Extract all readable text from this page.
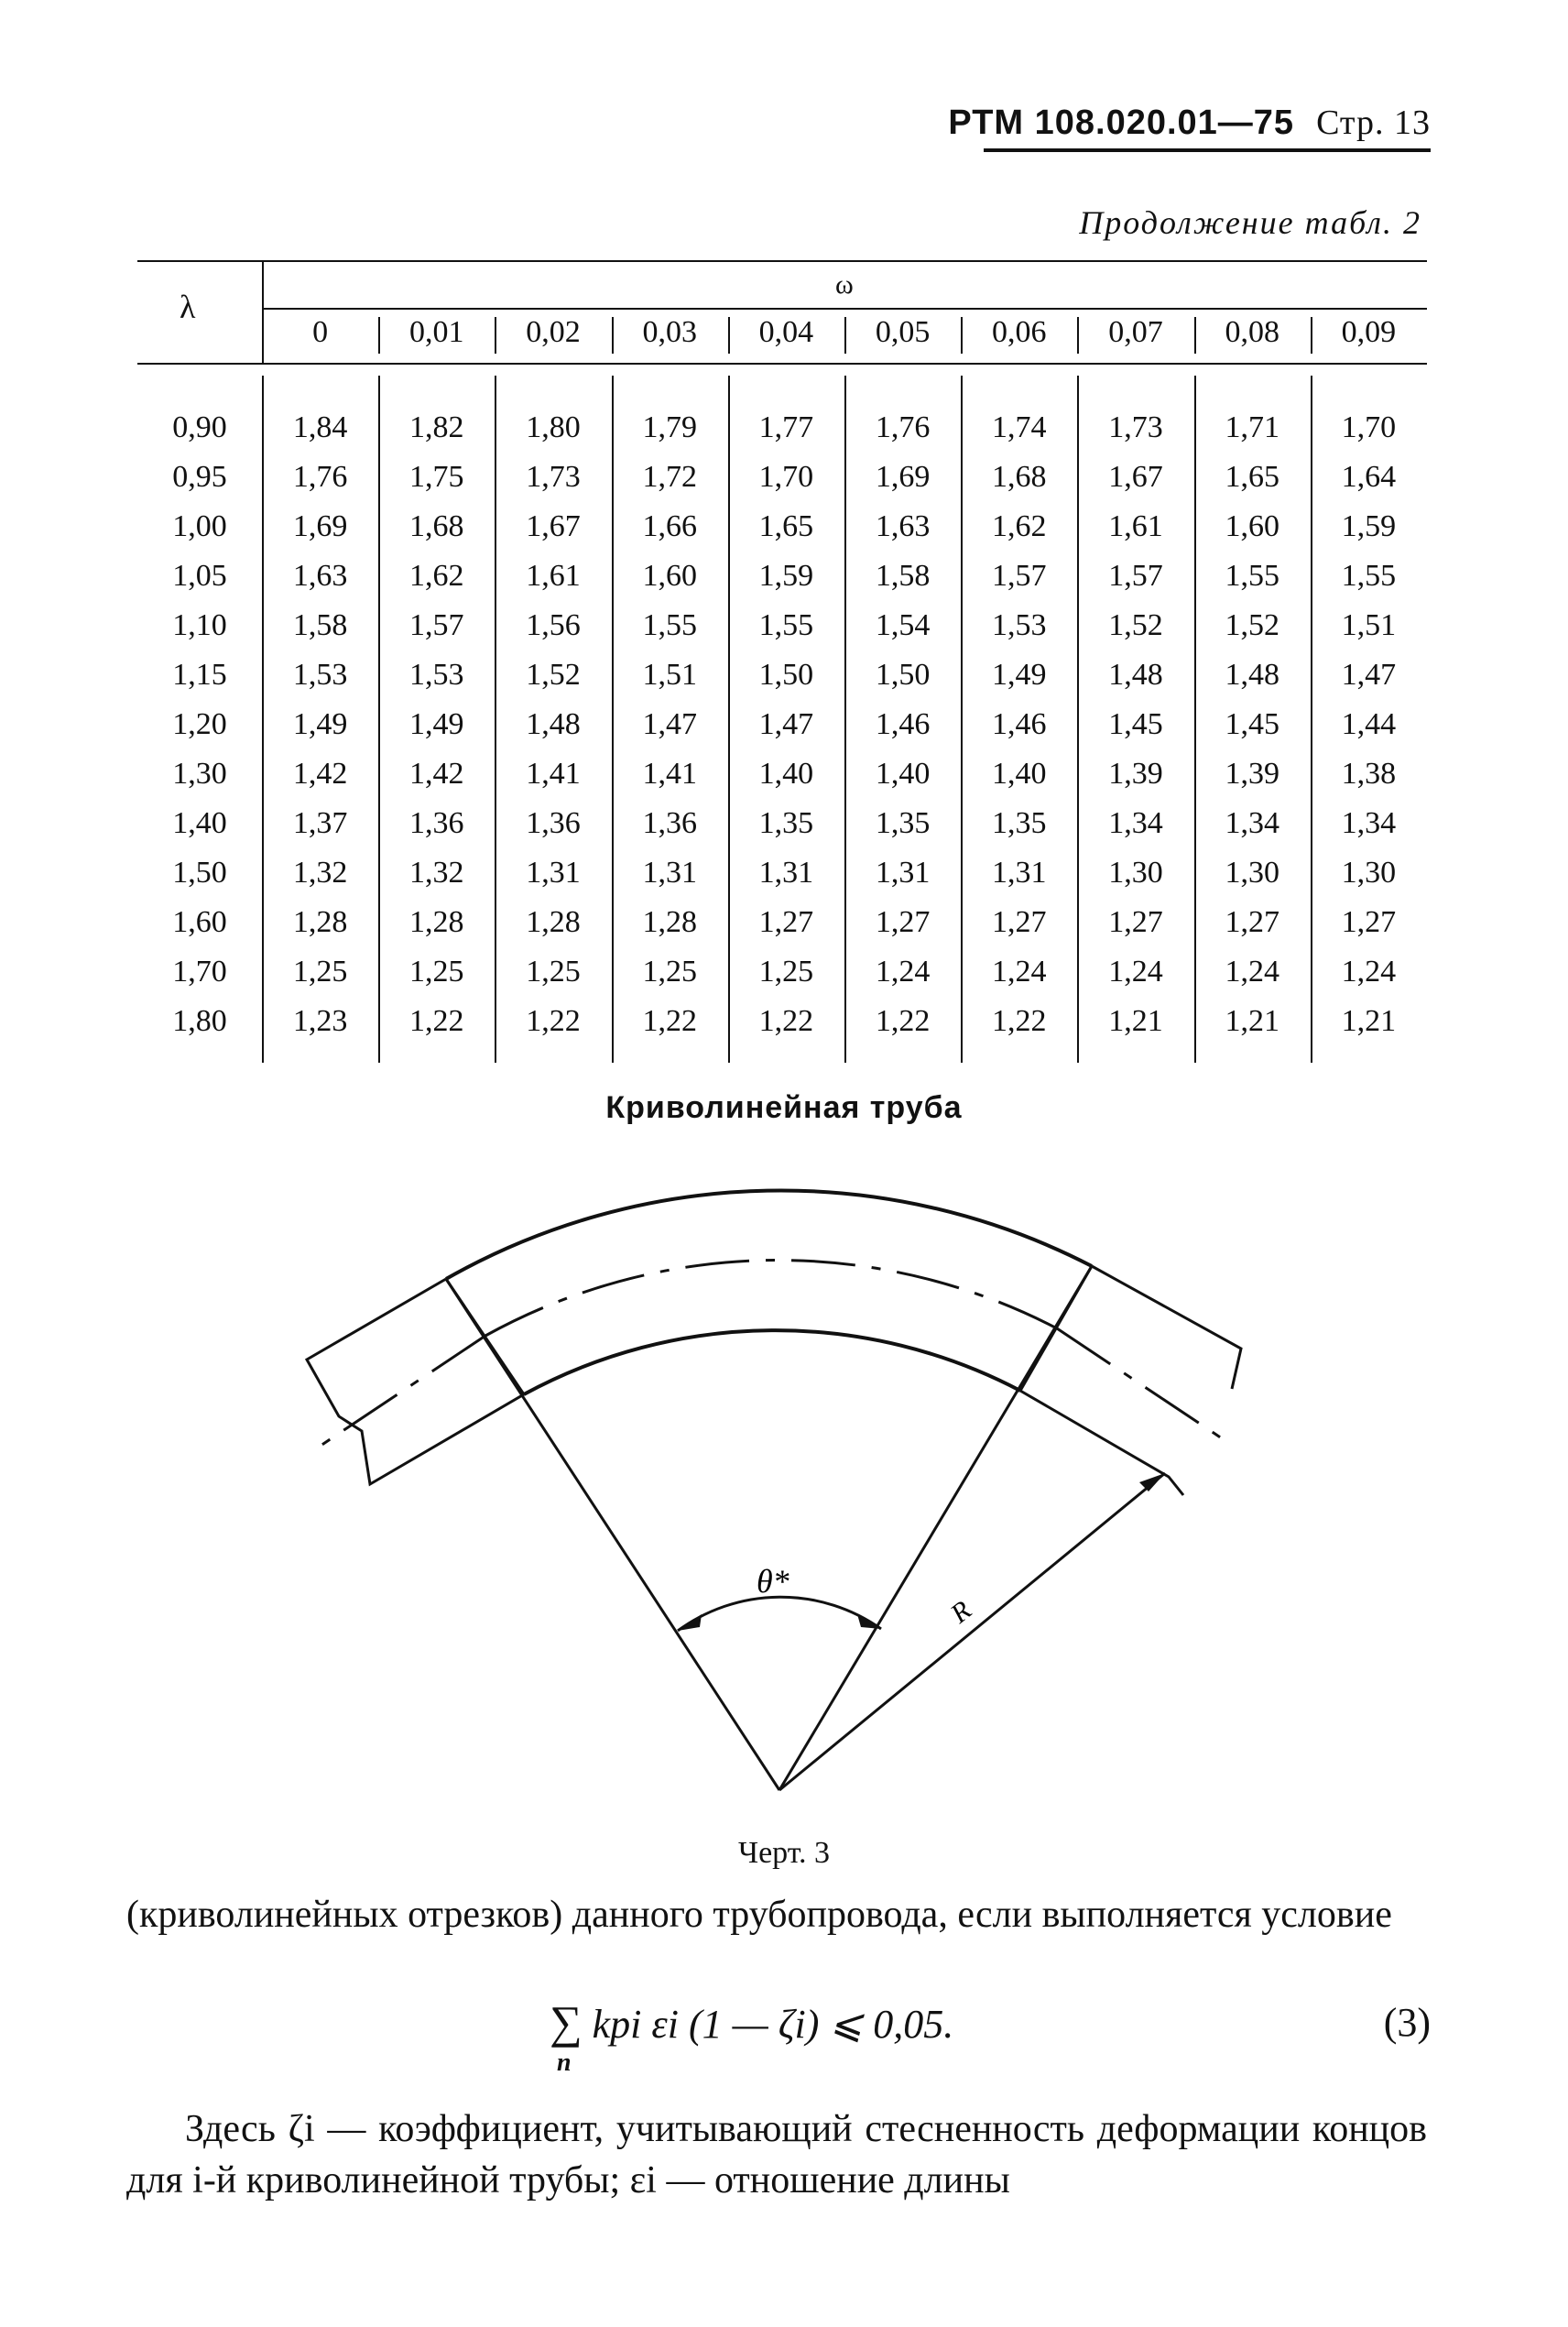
РТМ 108.020.01—75 Стр. 13
Продолжение табл. 2
λ
ω
0	0,01	0,02	0,03	0,04	0,05	0,06	0,07	0,08	0,09
0,90	1,84	1,82	1,80	1,79	1,77	1,76	1,74	1,73	1,71	1,70
0,95	1,76	1,75	1,73	1,72	1,70	1,69	1,68	1,67	1,65	1,64
1,00	1,69	1,68	1,67	1,66	1,65	1,63	1,62	1,61	1,60	1,59
1,05	1,63	1,62	1,61	1,60	1,59	1,58	1,57	1,57	1,55	1,55
1,10	1,58	1,57	1,56	1,55	1,55	1,54	1,53	1,52	1,52	1,51
1,15	1,53	1,53	1,52	1,51	1,50	1,50	1,49	1,48	1,48	1,47
1,20	1,49	1,49	1,48	1,47	1,47	1,46	1,46	1,45	1,45	1,44
1,30	1,42	1,42	1,41	1,41	1,40	1,40	1,40	1,39	1,39	1,38
1,40	1,37	1,36	1,36	1,36	1,35	1,35	1,35	1,34	1,34	1,34
1,50	1,32	1,32	1,31	1,31	1,31	1,31	1,31	1,30	1,30	1,30
1,60	1,28	1,28	1,28	1,28	1,27	1,27	1,27	1,27	1,27	1,27
1,70	1,25	1,25	1,25	1,25	1,25	1,24	1,24	1,24	1,24	1,24
1,80	1,23	1,22	1,22	1,22	1,22	1,22	1,22	1,21	1,21	1,21
Криволинейная труба
θ*
R
Черт. 3
(криволинейных отрезков) данного трубопровода, если выполняется условие
∑
n
kpi εi (1 — ζi) ⩽ 0,05.	(3)
Здесь ζi — коэффициент, учитывающий стесненность деформации концов для i-й криволинейной трубы; εi — отношение длины
